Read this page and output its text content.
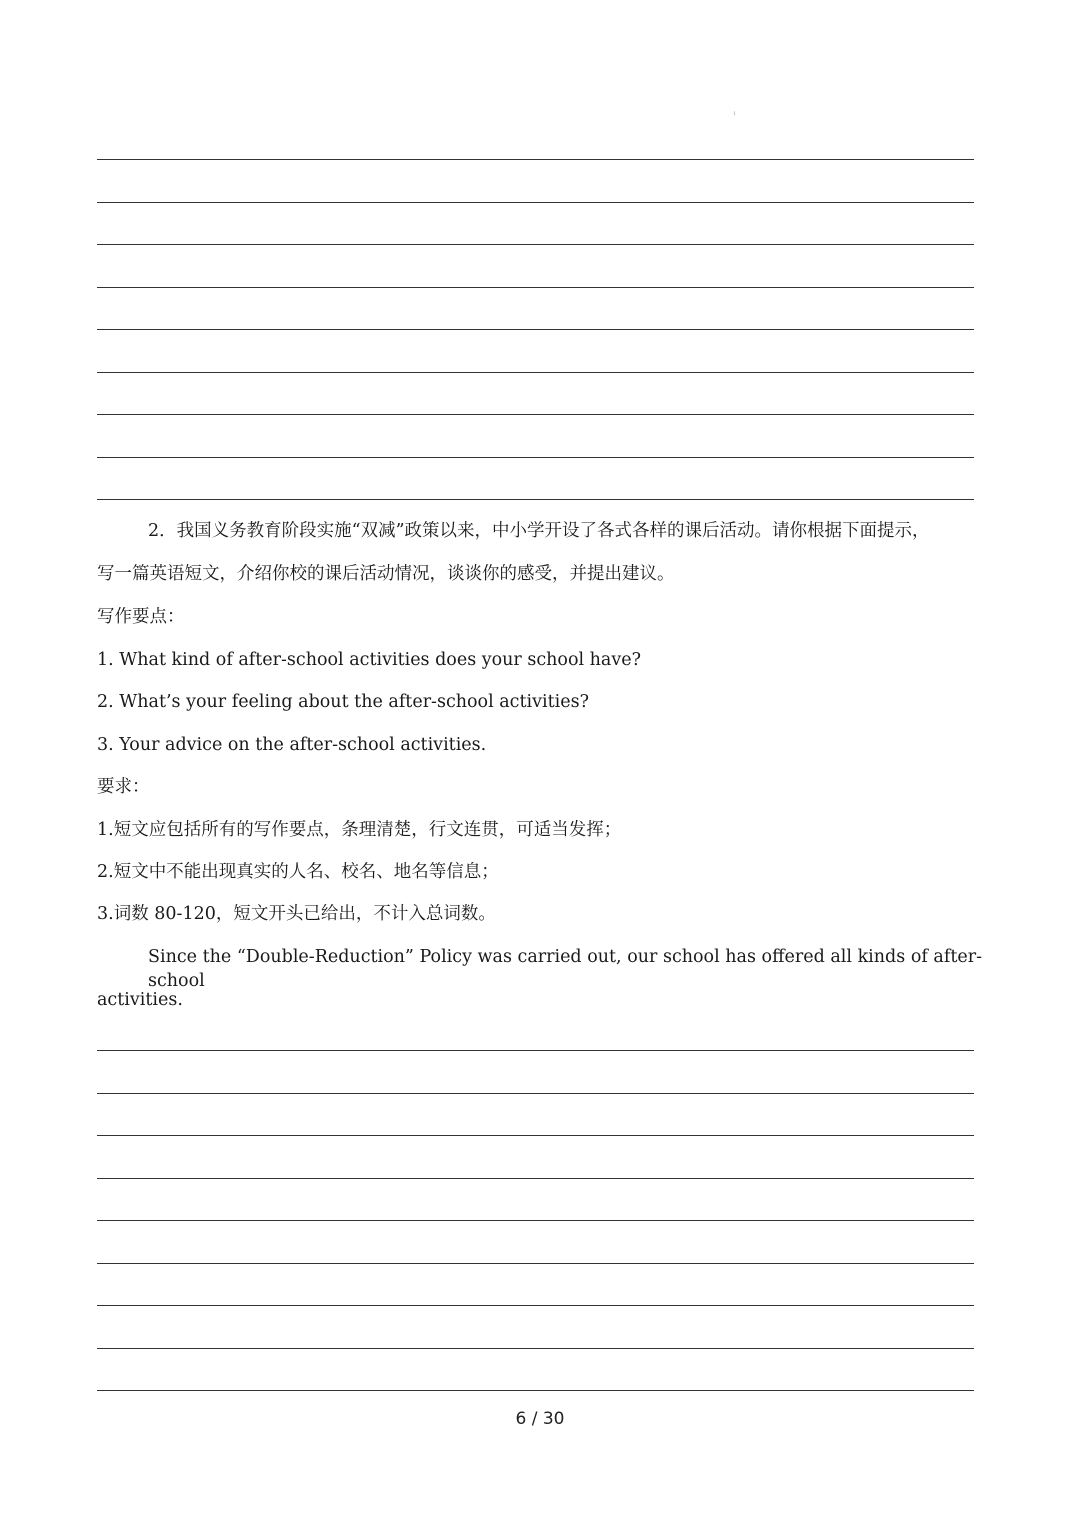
1
2．我国义务教育阶段实施“双减”政策以来，中小学开设了各式各样的课后活动。请你根据下面提示，
写一篇英语短文，介绍你校的课后活动情况，谈谈你的感受，并提出建议。
写作要点：
1. What kind of after-school activities does your school have?
2. What’s your feeling about the after-school activities?
3. Your advice on the after-school activities.
要求：
1.短文应包括所有的写作要点，条理清楚，行文连贯，可适当发挥；
2.短文中不能出现真实的人名、校名、地名等信息；
3.词数 80-120，短文开头已给出，不计入总词数。
Since the “Double-Reduction” Policy was carried out, our school has offered all kinds of after-school
activities.
6 / 30
